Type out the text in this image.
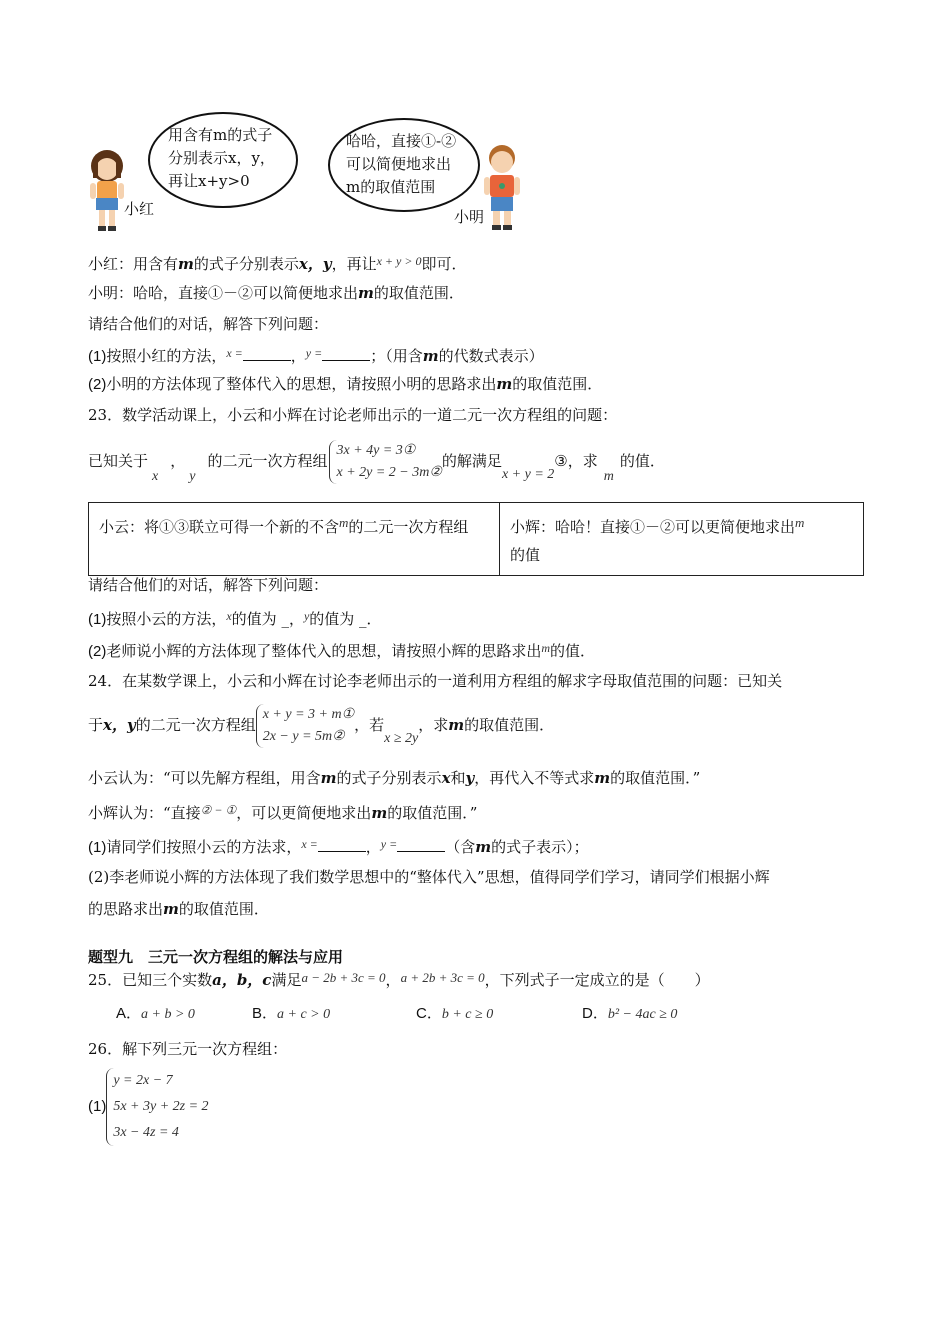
小红
用含有m的式子
分别表示x，y，
再让x+y>0
哈哈，直接①-②
可以简便地求出
m的取值范围
小明
小红：用含有m的式子分别表示x，y，再让$^{x + y > 0}$即可．
小明：哈哈，直接①－②可以简便地求出m的取值范围．
请结合他们的对话，解答下列问题：
(1)按照小红的方法，$^{x =}$	，$^{y =}$	；（用含m的代数式表示）
(2)小明的方法体现了整体代入的思想，请按照小明的思路求出m的取值范围．
23．数学活动课上，小云和小辉在讨论老师出示的一道二元一次方程组的问题：
已知关于x，y的二元一次方程组
3x + 4y = 3①
x + 2y = 2 − 3m②
的解满足x + y = 2③，求m的值．
小云：将①③联立可得一个新的不含m的二元一次方程组	小辉：哈哈！直接①－②可以更简便地求出m
的值
请结合他们的对话，解答下列问题：
(1)按照小云的方法，$^x$的值为 _，$^y$的值为 _．
(2)老师说小辉的方法体现了整体代入的思想，请按照小辉的思路求出$^m$的值．
24．在某数学课上，小云和小辉在讨论李老师出示的一道利用方程组的解求字母取值范围的问题：已知关
于x，y的二元一次方程组
x + y = 3 + m①
2x − y = 5m②
，若x ≥ 2y，求m的取值范围．
小云认为：“可以先解方程组，用含m的式子分别表示x和y，再代入不等式求m的取值范围．”
小辉认为：“直接② − ①，可以更简便地求出m的取值范围．”
(1)请同学们按照小云的方法求，$^{x =}$	，$^{y =}$	（含m的式子表示）；
(2)李老师说小辉的方法体现了我们数学思想中的“整体代入”思想，值得同学们学习，请同学们根据小辉
的思路求出m的取值范围．
题型九　三元一次方程组的解法与应用
25．已知三个实数a，b，c满足a − 2b + 3c = 0，a + 2b + 3c = 0，下列式子一定成立的是（　　）
A．a + b > 0	B．a + c > 0	C．b + c ≥ 0	D．b² − 4ac ≥ 0
26．解下列三元一次方程组：
(1)
y = 2x − 7
5x + 3y + 2z = 2
3x − 4z = 4
